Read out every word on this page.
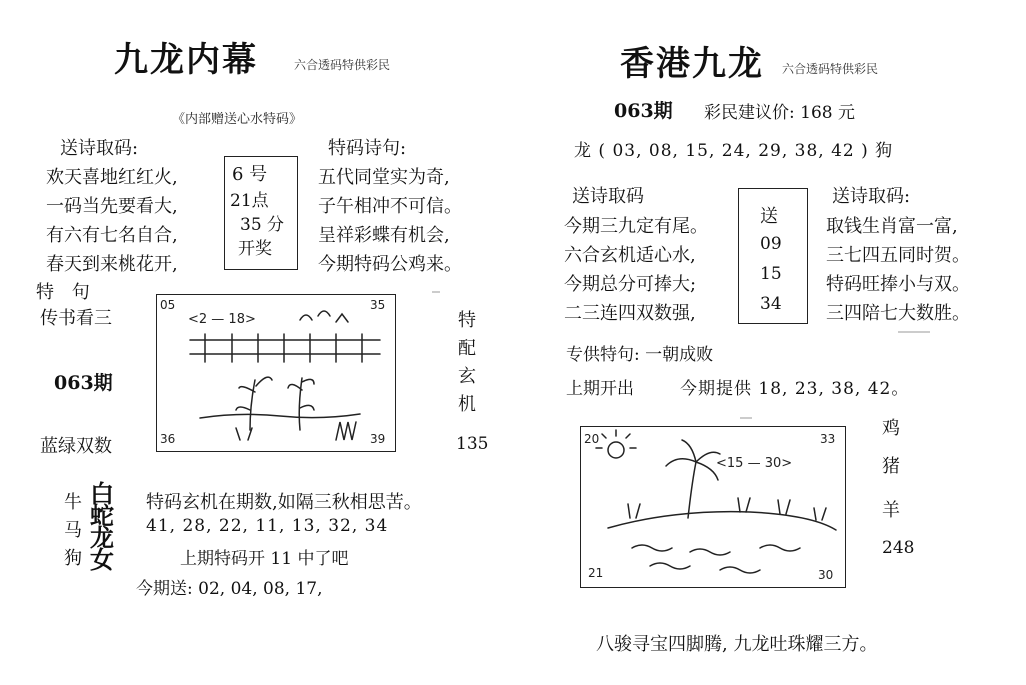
九龙内幕	六合透码特供彩民
《内部赠送心水特码》
送诗取码:
欢天喜地红红火,
一码当先要看大,
有六有七名自合,
春天到来桃花开,
6 号
21点
35 分
开奖
特码诗句:
五代同堂实为奇,
子午相冲不可信。
呈祥彩蝶有机会,
今期特码公鸡来。
特 句
传书看三
063期
蓝绿双数
05	35
36	39
<2 — 18>	特
配
玄
机
135
牛
马
狗
白
蛇
龙
女
特码玄机在期数,如隔三秋相思苦。
41, 28, 22, 11, 13, 32, 34
上期特码开 11 中了吧
今期送: 02, 04, 08, 17,
香港九龙 六合透码特供彩民
063期 彩民建议价: 168 元
龙 ( 03, 08, 15, 24, 29, 38, 42 ) 狗
送诗取码
今期三九定有尾。
六合玄机适心水,
今期总分可捧大;
二三连四双数强,
送
09
15
34
送诗取码:
取钱生肖富一富,
三七四五同时贺。
特码旺捧小与双。
三四陪七大数胜。
专供特句: 一朝成败
上期开出	今期提供 18, 23, 38, 42。
20	33
21	30
<15 — 30>
鸡
猪
羊
248
八骏寻宝四脚腾, 九龙吐珠耀三方。
